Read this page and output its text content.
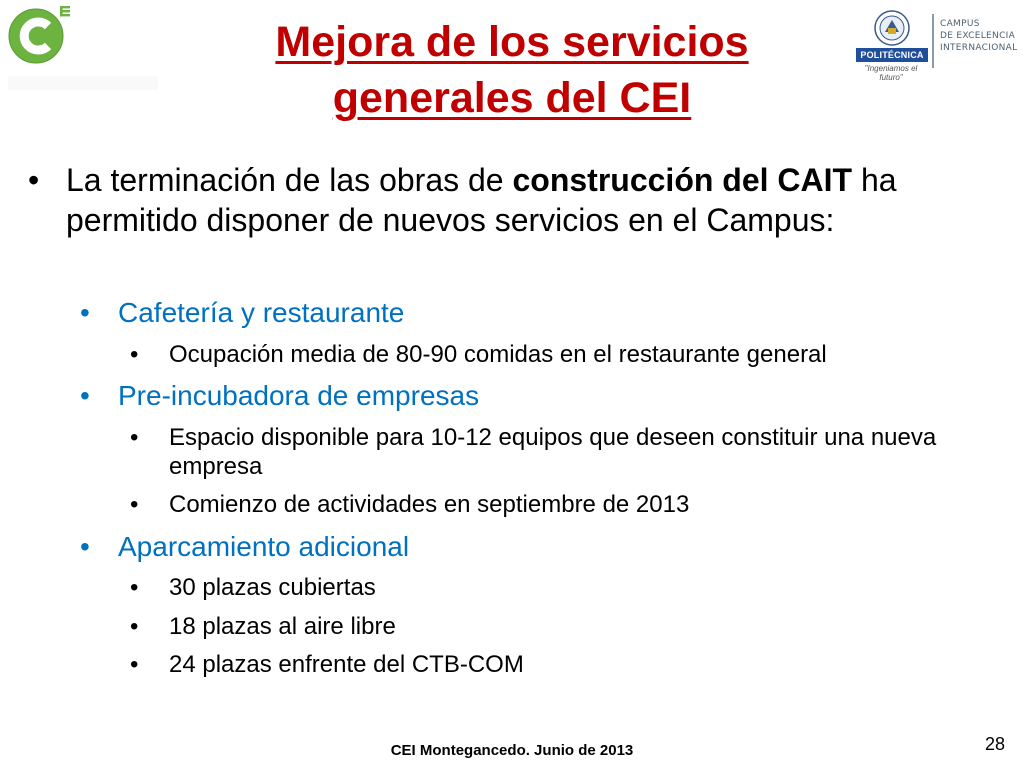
POLITÉCNICA
"Ingeniamos el futuro"
CAMPUS
DE EXCELENCIA
INTERNACIONAL
Mejora de los servicios
generales del CEI
• La terminación de las obras de construcción del CAIT ha permitido disponer de nuevos servicios en el Campus:
• Cafetería y restaurante
• Ocupación media de 80-90 comidas en el restaurante general
• Pre-incubadora de empresas
• Espacio disponible para 10-12 equipos que deseen constituir una nueva empresa
• Comienzo de actividades en septiembre de 2013
• Aparcamiento adicional
• 30 plazas cubiertas
• 18 plazas al aire libre
• 24 plazas enfrente del CTB-COM
CEI Montegancedo. Junio de 2013	28
